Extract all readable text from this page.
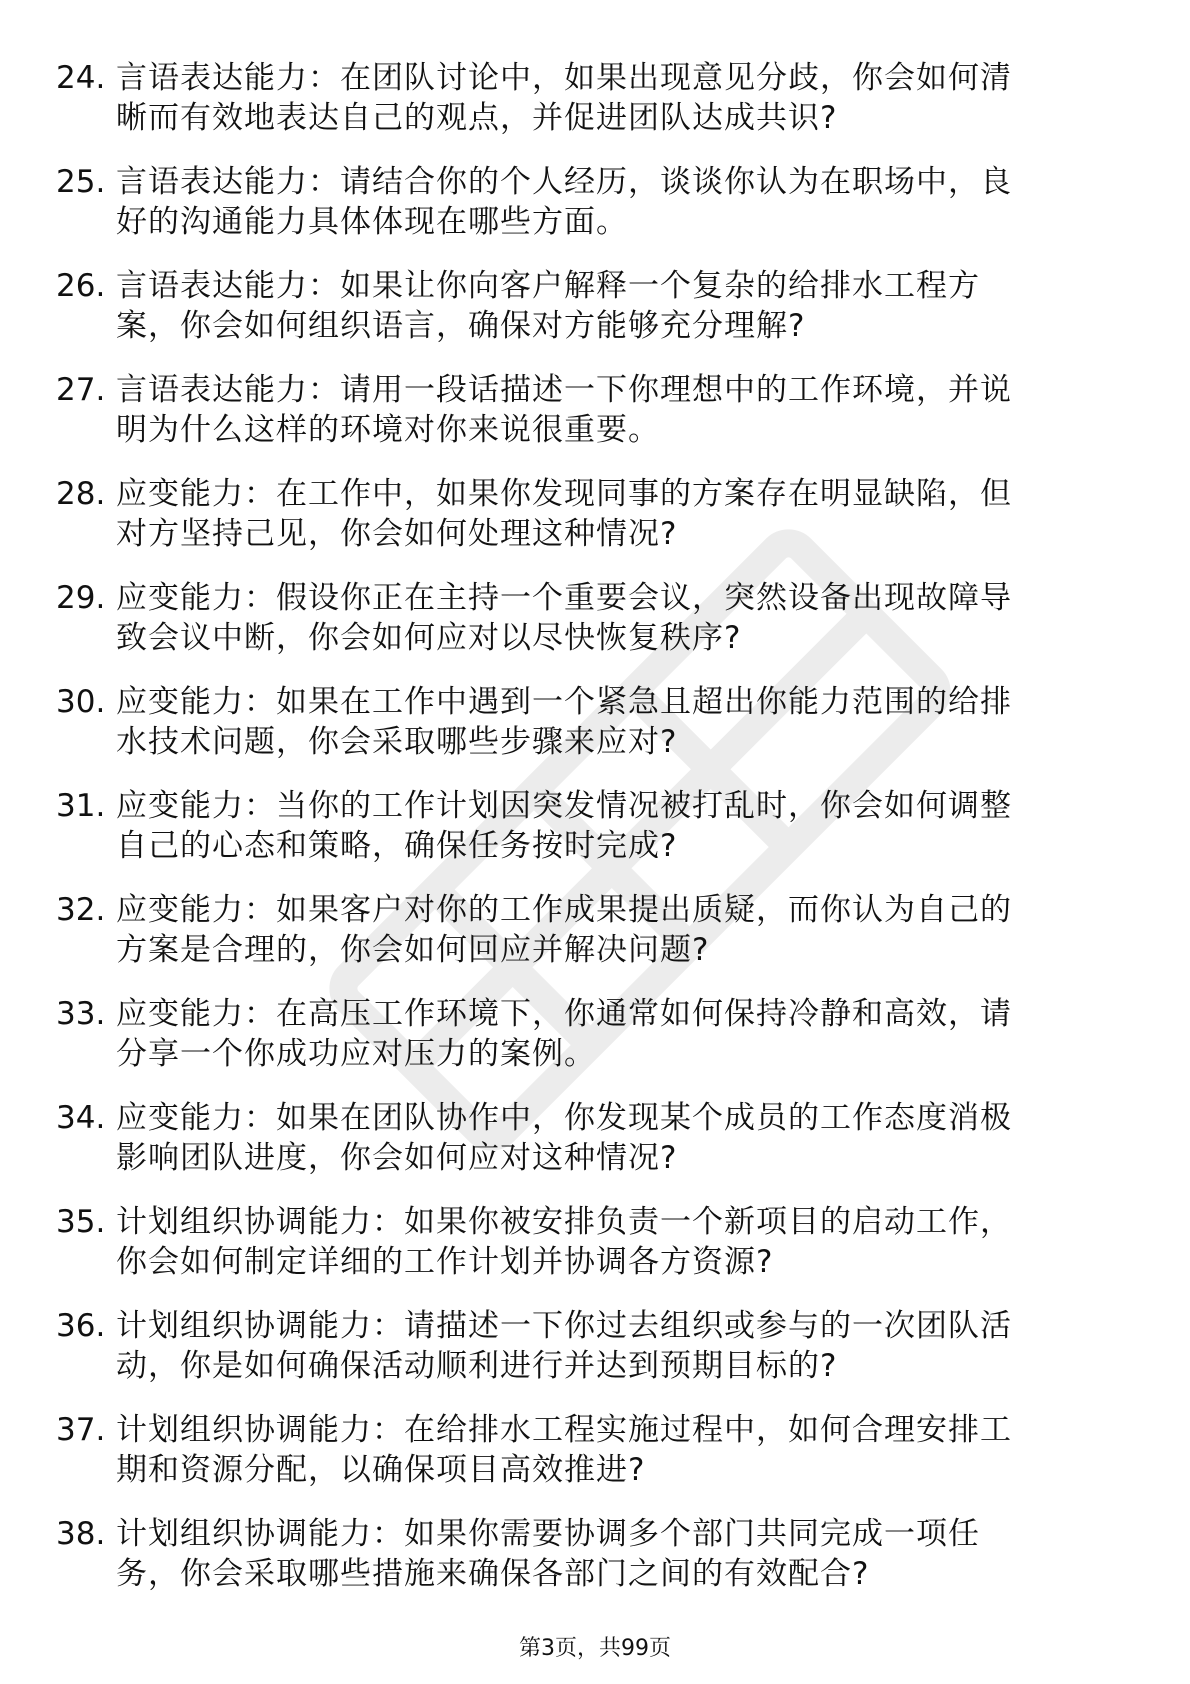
24. 言语表达能力：在团队讨论中，如果出现意见分歧，你会如何清晰而有效地表达自己的观点，并促进团队达成共识?
25. 言语表达能力：请结合你的个人经历，谈谈你认为在职场中，良好的沟通能力具体体现在哪些方面。
26. 言语表达能力：如果让你向客户解释一个复杂的给排水工程方案，你会如何组织语言，确保对方能够充分理解?
27. 言语表达能力：请用一段话描述一下你理想中的工作环境，并说明为什么这样的环境对你来说很重要。
28. 应变能力：在工作中，如果你发现同事的方案存在明显缺陷，但对方坚持己见，你会如何处理这种情况?
29. 应变能力：假设你正在主持一个重要会议，突然设备出现故障导致会议中断，你会如何应对以尽快恢复秩序?
30. 应变能力：如果在工作中遇到一个紧急且超出你能力范围的给排水技术问题，你会采取哪些步骤来应对?
31. 应变能力：当你的工作计划因突发情况被打乱时，你会如何调整自己的心态和策略，确保任务按时完成?
32. 应变能力：如果客户对你的工作成果提出质疑，而你认为自己的方案是合理的，你会如何回应并解决问题?
33. 应变能力：在高压工作环境下，你通常如何保持冷静和高效，请分享一个你成功应对压力的案例。
34. 应变能力：如果在团队协作中，你发现某个成员的工作态度消极影响团队进度，你会如何应对这种情况?
35. 计划组织协调能力：如果你被安排负责一个新项目的启动工作，你会如何制定详细的工作计划并协调各方资源?
36. 计划组织协调能力：请描述一下你过去组织或参与的一次团队活动，你是如何确保活动顺利进行并达到预期目标的?
37. 计划组织协调能力：在给排水工程实施过程中，如何合理安排工期和资源分配，以确保项目高效推进?
38. 计划组织协调能力：如果你需要协调多个部门共同完成一项任务，你会采取哪些措施来确保各部门之间的有效配合?
第3页，共99页
